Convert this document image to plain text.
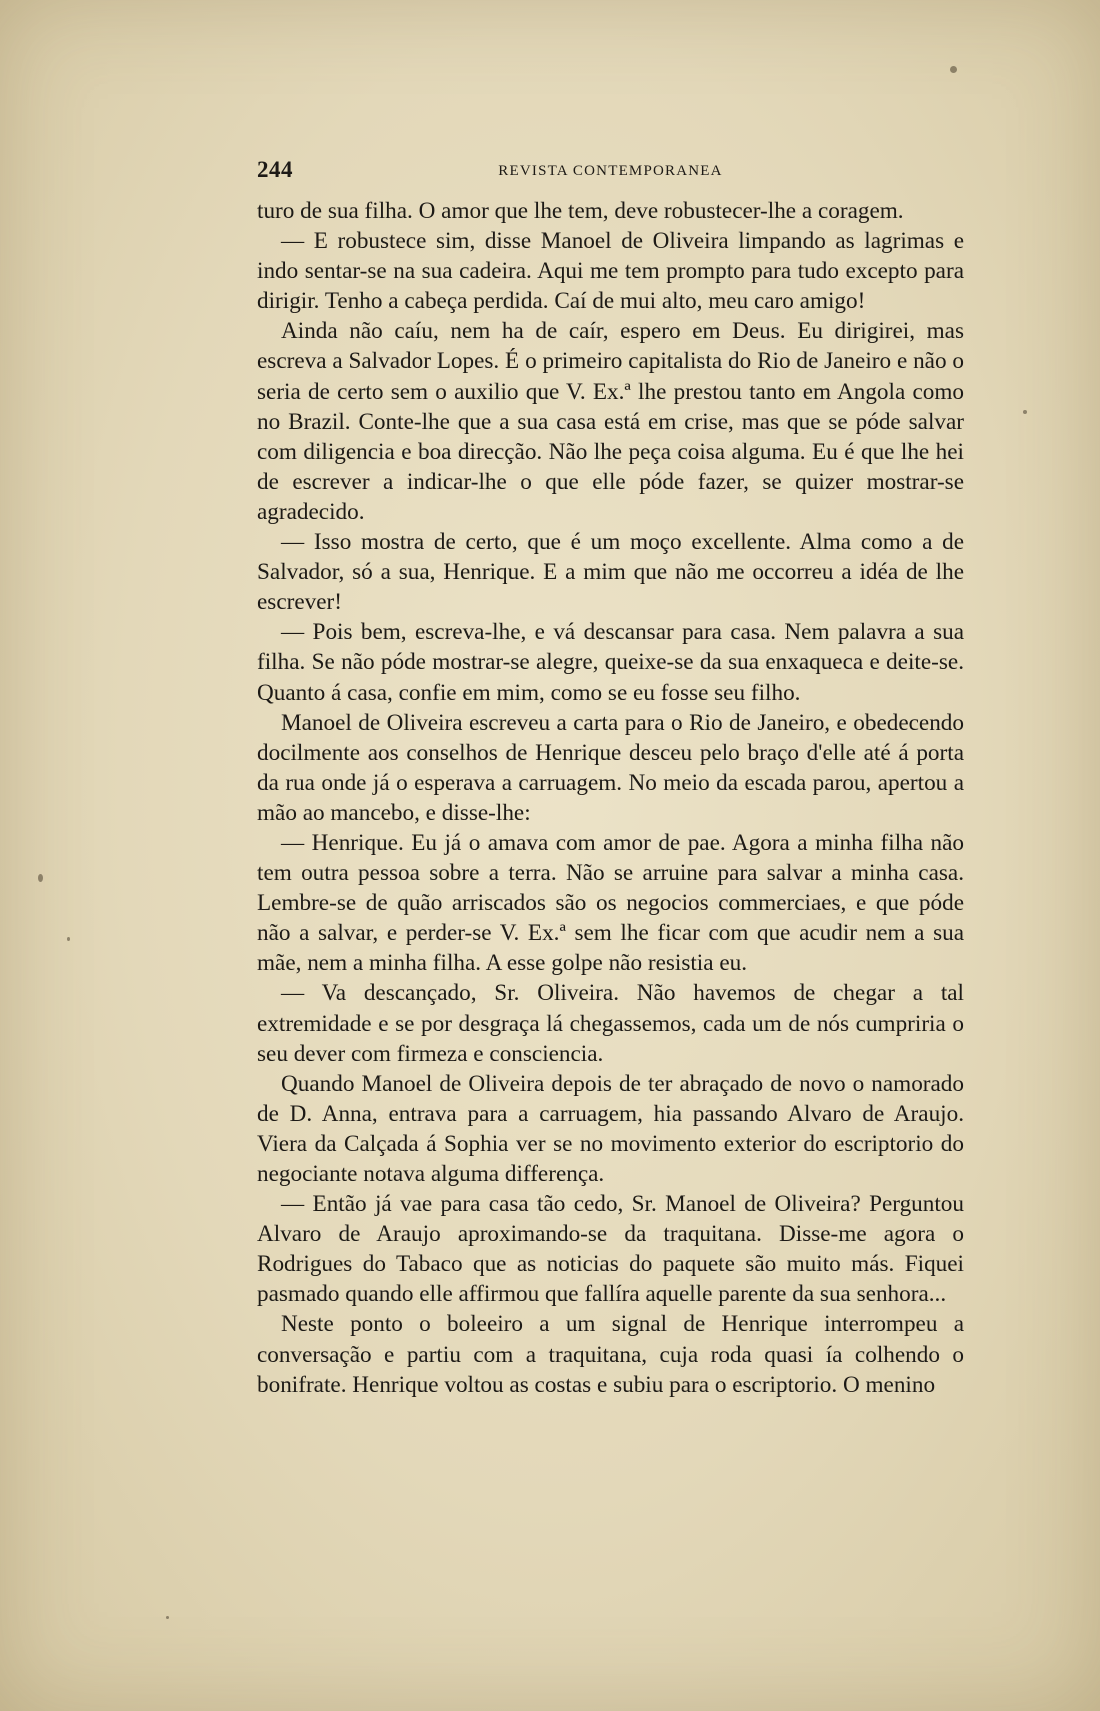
244	REVISTA CONTEMPORANEA

turo de sua filha. O amor que lhe tem, deve robustecer-lhe a coragem.

— E robustece sim, disse Manoel de Oliveira limpando as lagrimas e indo sentar-se na sua cadeira. Aqui me tem prompto para tudo excepto para dirigir. Tenho a cabeça perdida. Caí de mui alto, meu caro amigo!

Ainda não caíu, nem ha de caír, espero em Deus. Eu dirigirei, mas escreva a Salvador Lopes. É o primeiro capitalista do Rio de Janeiro e não o seria de certo sem o auxilio que V. Ex.ª lhe prestou tanto em Angola como no Brazil. Conte-lhe que a sua casa está em crise, mas que se póde salvar com diligencia e boa direcção. Não lhe peça coisa alguma. Eu é que lhe hei de escrever a indicar-lhe o que elle póde fazer, se quizer mostrar-se agradecido.

— Isso mostra de certo, que é um moço excellente. Alma como a de Salvador, só a sua, Henrique. E a mim que não me occorreu a idéa de lhe escrever!

— Pois bem, escreva-lhe, e vá descansar para casa. Nem palavra a sua filha. Se não póde mostrar-se alegre, queixe-se da sua enxaqueca e deite-se. Quanto á casa, confie em mim, como se eu fosse seu filho.

Manoel de Oliveira escreveu a carta para o Rio de Janeiro, e obedecendo docilmente aos conselhos de Henrique desceu pelo braço d'elle até á porta da rua onde já o esperava a carruagem. No meio da escada parou, apertou a mão ao mancebo, e disse-lhe:

— Henrique. Eu já o amava com amor de pae. Agora a minha filha não tem outra pessoa sobre a terra. Não se arruine para salvar a minha casa. Lembre-se de quão arriscados são os negocios commerciaes, e que póde não a salvar, e perder-se V. Ex.ª sem lhe ficar com que acudir nem a sua mãe, nem a minha filha. A esse golpe não resistia eu.

— Va descançado, Sr. Oliveira. Não havemos de chegar a tal extremidade e se por desgraça lá chegassemos, cada um de nós cumpriria o seu dever com firmeza e consciencia.

Quando Manoel de Oliveira depois de ter abraçado de novo o namorado de D. Anna, entrava para a carruagem, hia passando Alvaro de Araujo. Viera da Calçada á Sophia ver se no movimento exterior do escriptorio do negociante notava alguma differença.

— Então já vae para casa tão cedo, Sr. Manoel de Oliveira? Perguntou Alvaro de Araujo aproximando-se da traquitana. Disse-me agora o Rodrigues do Tabaco que as noticias do paquete são muito más. Fiquei pasmado quando elle affirmou que fallíra aquelle parente da sua senhora...

Neste ponto o boleeiro a um signal de Henrique interrompeu a conversação e partiu com a traquitana, cuja roda quasi ía colhendo o bonifrate. Henrique voltou as costas e subiu para o escriptorio. O menino
